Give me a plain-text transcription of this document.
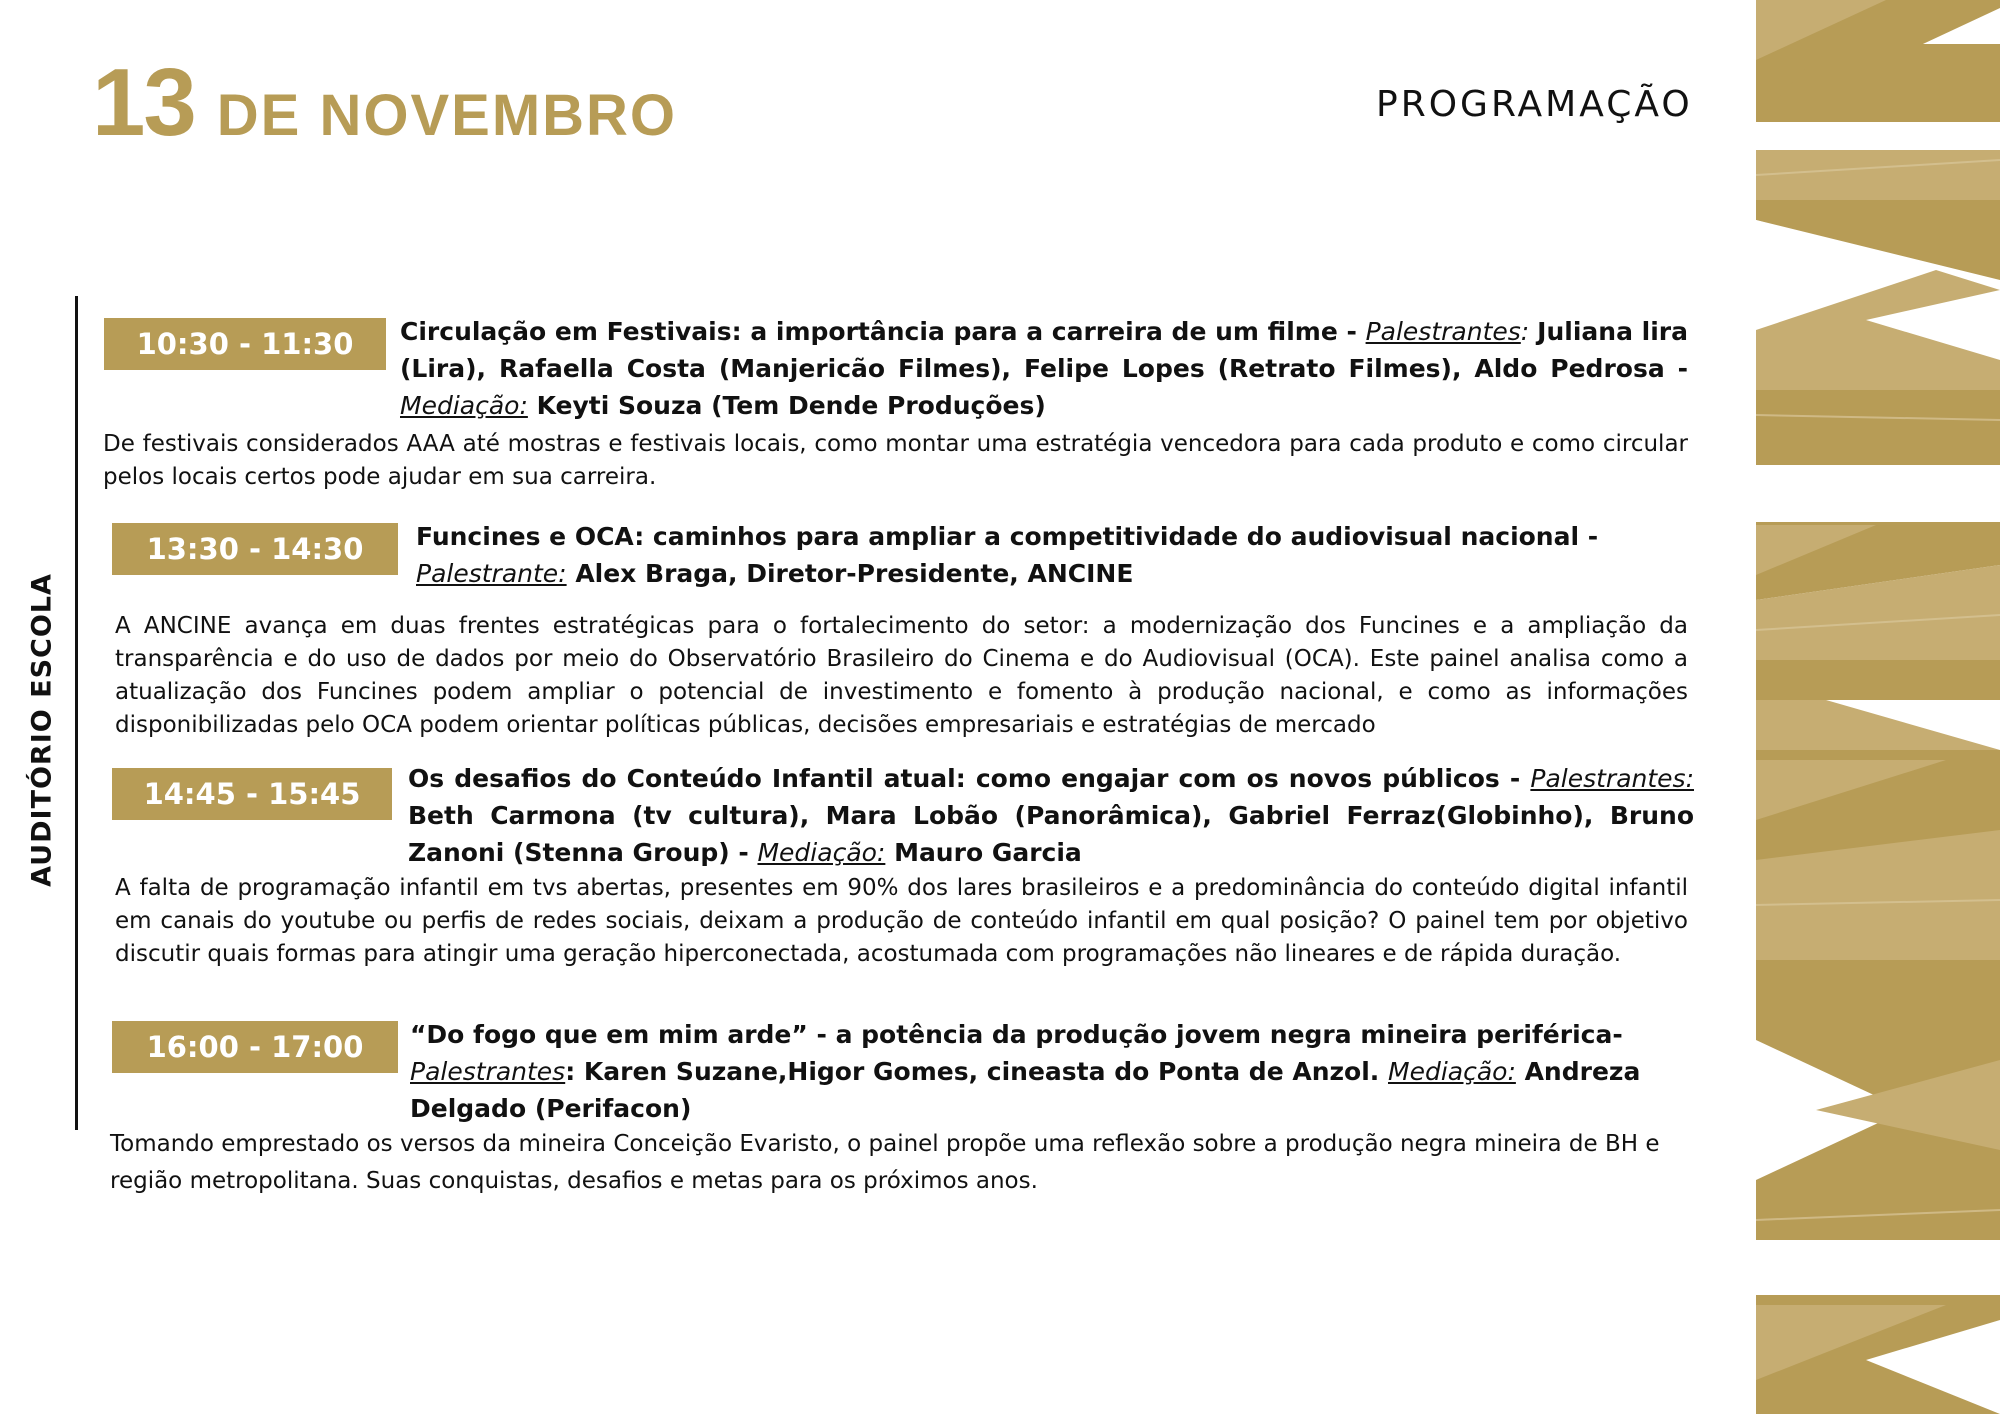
13 DE NOVEMBRO	PROGRAMAÇÃO
AUDITÓRIO ESCOLA
10:30 - 11:30	Circulação em Festivais: a importância para a carreira de um filme - Palestrantes: Juliana lira (Lira), Rafaella Costa (Manjericão Filmes), Felipe Lopes (Retrato Filmes), Aldo Pedrosa - Mediação: Keyti Souza (Tem Dende Produções)
De festivais considerados AAA até mostras e festivais locais, como montar uma estratégia vencedora para cada produto e como circular pelos locais certos pode ajudar em sua carreira.
13:30 - 14:30	Funcines e OCA: caminhos para ampliar a competitividade do audiovisual nacional - Palestrante: Alex Braga, Diretor-Presidente, ANCINE
A ANCINE avança em duas frentes estratégicas para o fortalecimento do setor: a modernização dos Funcines e a ampliação da transparência e do uso de dados por meio do Observatório Brasileiro do Cinema e do Audiovisual (OCA). Este painel analisa como a atualização dos Funcines podem ampliar o potencial de investimento e fomento à produção nacional, e como as informações disponibilizadas pelo OCA podem orientar políticas públicas, decisões empresariais e estratégias de mercado
14:45 - 15:45	Os desafios do Conteúdo Infantil atual: como engajar com os novos públicos - Palestrantes: Beth Carmona (tv cultura), Mara Lobão (Panorâmica), Gabriel Ferraz(Globinho), Bruno Zanoni (Stenna Group) - Mediação: Mauro Garcia
A falta de programação infantil em tvs abertas, presentes em 90% dos lares brasileiros e a predominância do conteúdo digital infantil em canais do youtube ou perfis de redes sociais, deixam a produção de conteúdo infantil em qual posição? O painel tem por objetivo discutir quais formas para atingir uma geração hiperconectada, acostumada com programações não lineares e de rápida duração.
16:00 - 17:00	“Do fogo que em mim arde” - a potência da produção jovem negra mineira periférica- Palestrantes: Karen Suzane,Higor Gomes, cineasta do Ponta de Anzol. Mediação: Andreza Delgado (Perifacon)
Tomando emprestado os versos da mineira Conceição Evaristo, o painel propõe uma reflexão sobre a produção negra mineira de BH e região metropolitana. Suas conquistas, desafios e metas para os próximos anos.
